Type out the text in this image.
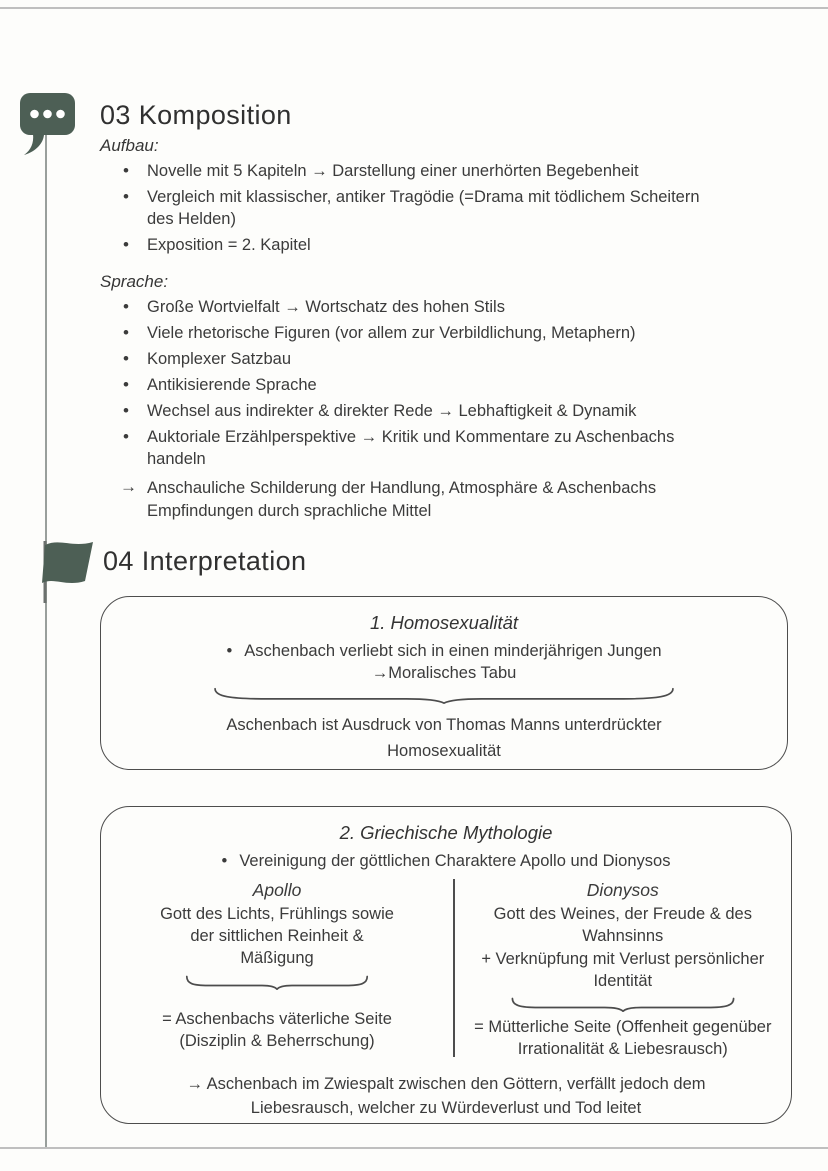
03 Komposition
Aufbau:
• Novelle mit 5 Kapiteln → Darstellung einer unerhörten Begebenheit
• Vergleich mit klassischer, antiker Tragödie (=Drama mit tödlichem Scheitern des Helden)
• Exposition = 2. Kapitel
Sprache:
• Große Wortvielfalt → Wortschatz des hohen Stils
• Viele rhetorische Figuren (vor allem zur Verbildlichung, Metaphern)
• Komplexer Satzbau
• Antikisierende Sprache
• Wechsel aus indirekter & direkter Rede → Lebhaftigkeit & Dynamik
• Auktoriale Erzählperspektive → Kritik und Kommentare zu Aschenbachs handeln
→ Anschauliche Schilderung der Handlung, Atmosphäre & Aschenbachs Empfindungen durch sprachliche Mittel
04 Interpretation
1. Homosexualität
• Aschenbach verliebt sich in einen minderjährigen Jungen
→Moralisches Tabu
Aschenbach ist Ausdruck von Thomas Manns unterdrückter Homosexualität
2. Griechische Mythologie
• Vereinigung der göttlichen Charaktere Apollo und Dionysos
Apollo
Gott des Lichts, Frühlings sowie der sittlichen Reinheit & Mäßigung
= Aschenbachs väterliche Seite (Disziplin & Beherrschung)
Dionysos
Gott des Weines, der Freude & des Wahnsinns
+ Verknüpfung mit Verlust persönlicher Identität
= Mütterliche Seite (Offenheit gegenüber Irrationalität & Liebesrausch)
→ Aschenbach im Zwiespalt zwischen den Göttern, verfällt jedoch dem Liebesrausch, welcher zu Würdeverlust und Tod leitet
